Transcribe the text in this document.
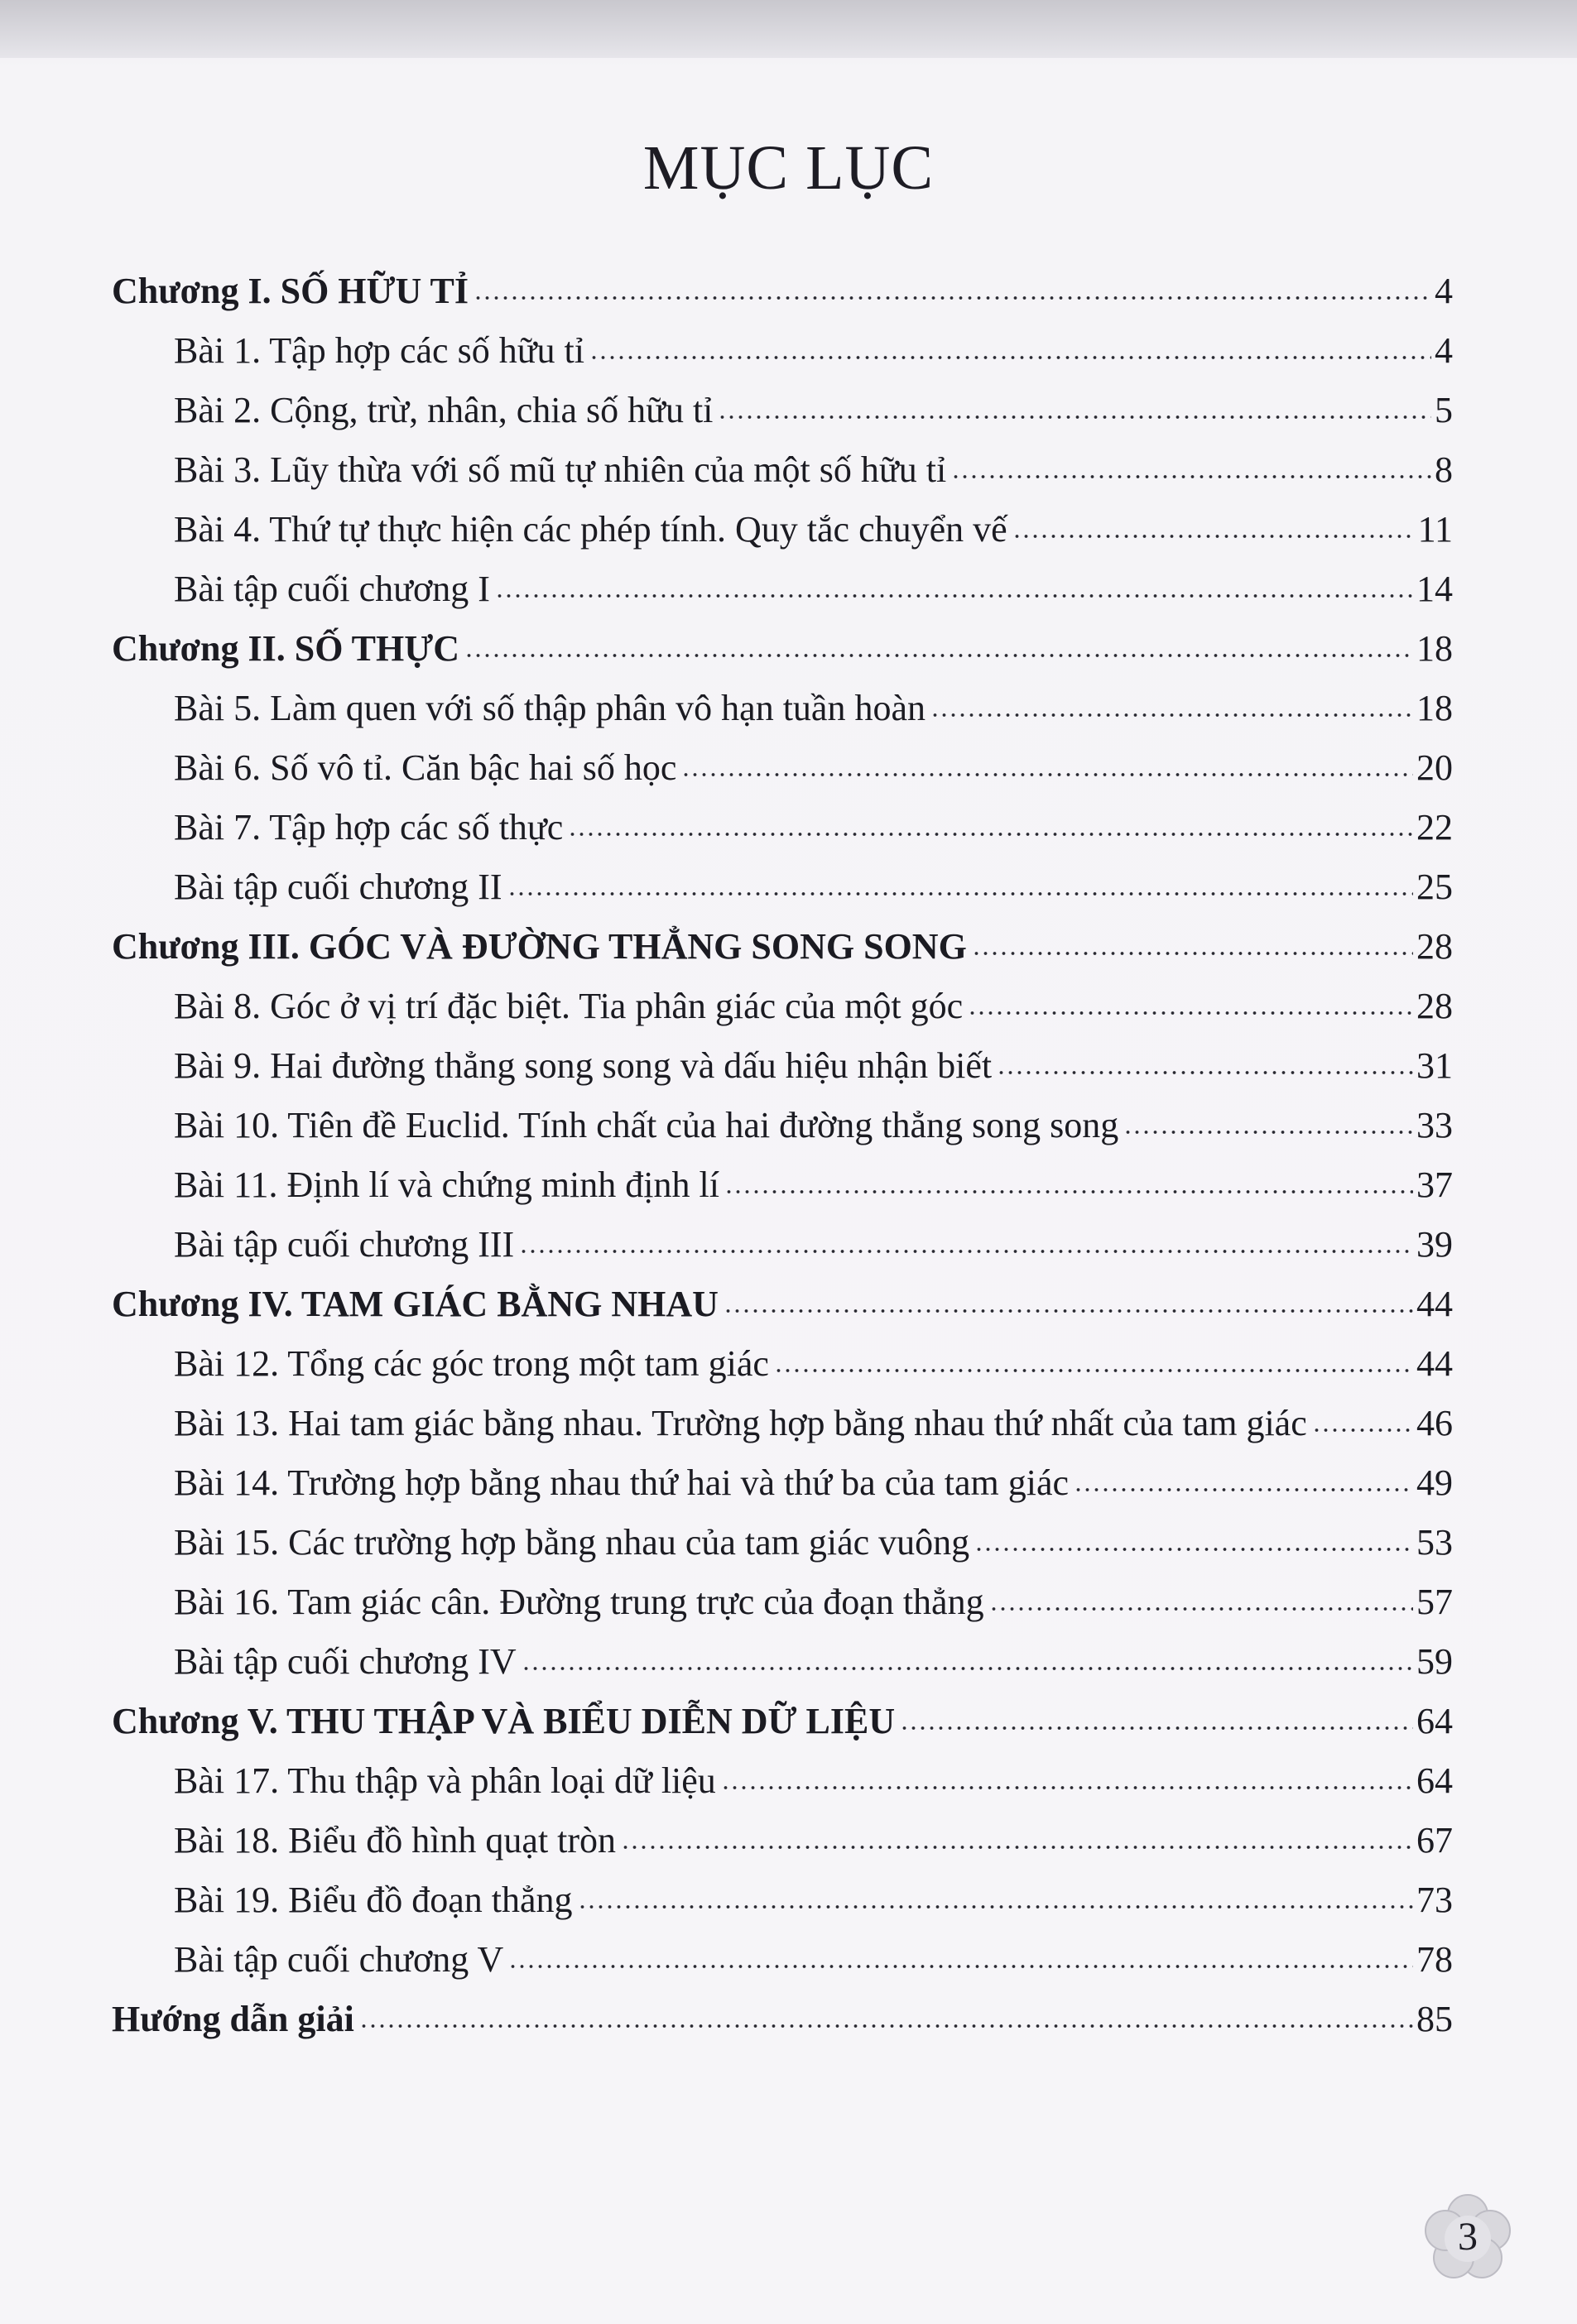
MỤC LỤC
Chương I. SỐ HỮU TỈ	4
Bài 1. Tập hợp các số hữu tỉ	4
Bài 2. Cộng, trừ, nhân, chia số hữu tỉ	5
Bài 3. Lũy thừa với số mũ tự nhiên của một số hữu tỉ	8
Bài 4. Thứ tự thực hiện các phép tính. Quy tắc chuyển vế	11
Bài tập cuối chương I	14
Chương II. SỐ THỰC	18
Bài 5. Làm quen với số thập phân vô hạn tuần hoàn	18
Bài 6. Số vô tỉ. Căn bậc hai số học	20
Bài 7. Tập hợp các số thực	22
Bài tập cuối chương II	25
Chương III. GÓC VÀ ĐƯỜNG THẲNG SONG SONG	28
Bài 8. Góc ở vị trí đặc biệt. Tia phân giác của một góc	28
Bài 9. Hai đường thẳng song song và dấu hiệu nhận biết	31
Bài 10. Tiên đề Euclid. Tính chất của hai đường thẳng song song	33
Bài 11. Định lí và chứng minh định lí	37
Bài tập cuối chương III	39
Chương IV. TAM GIÁC BẰNG NHAU	44
Bài 12. Tổng các góc trong một tam giác	44
Bài 13. Hai tam giác bằng nhau. Trường hợp bằng nhau thứ nhất của tam giác	46
Bài 14. Trường hợp bằng nhau thứ hai và thứ ba của tam giác	49
Bài 15. Các trường hợp bằng nhau của tam giác vuông	53
Bài 16. Tam giác cân. Đường trung trực của đoạn thẳng	57
Bài tập cuối chương IV	59
Chương V. THU THẬP VÀ BIỂU DIỄN DỮ LIỆU	64
Bài 17. Thu thập và phân loại dữ liệu	64
Bài 18. Biểu đồ hình quạt tròn	67
Bài 19. Biểu đồ đoạn thẳng	73
Bài tập cuối chương V	78
Hướng dẫn giải	85
3
